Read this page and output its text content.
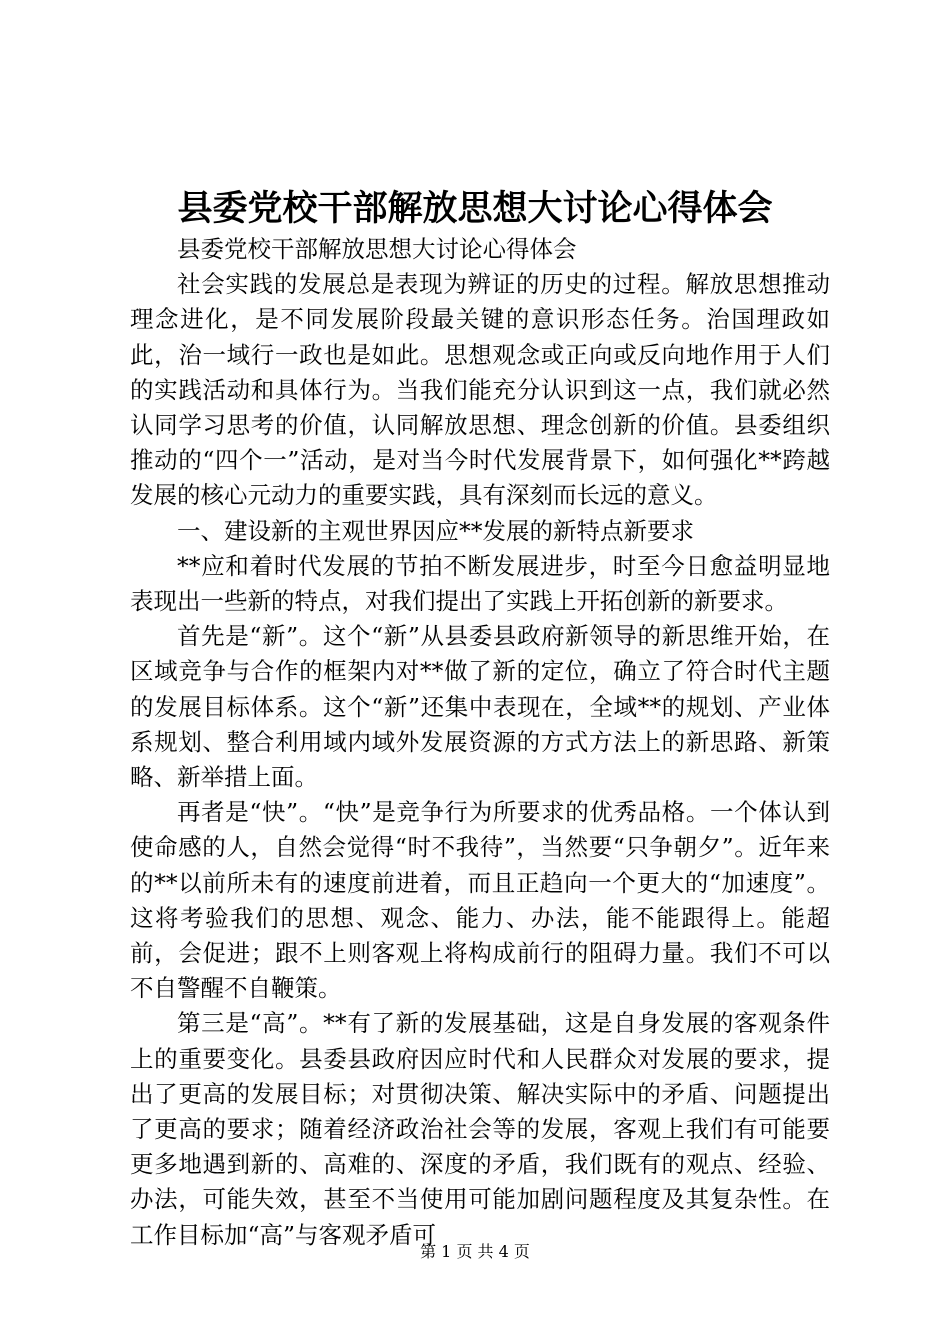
县委党校干部解放思想大讨论心得体会

县委党校干部解放思想大讨论心得体会

社会实践的发展总是表现为辨证的历史的过程。解放思想推动理念进化，是不同发展阶段最关键的意识形态任务。治国理政如此，治一域行一政也是如此。思想观念或正向或反向地作用于人们的实践活动和具体行为。当我们能充分认识到这一点，我们就必然认同学习思考的价值，认同解放思想、理念创新的价值。县委组织推动的“四个一”活动，是对当今时代发展背景下，如何强化**跨越发展的核心元动力的重要实践，具有深刻而长远的意义。

一、建设新的主观世界因应**发展的新特点新要求

**应和着时代发展的节拍不断发展进步，时至今日愈益明显地表现出一些新的特点，对我们提出了实践上开拓创新的新要求。

首先是“新”。这个“新”从县委县政府新领导的新思维开始，在区域竞争与合作的框架内对**做了新的定位，确立了符合时代主题的发展目标体系。这个“新”还集中表现在，全域**的规划、产业体系规划、整合利用域内域外发展资源的方式方法上的新思路、新策略、新举措上面。

再者是“快”。“快”是竞争行为所要求的优秀品格。一个体认到使命感的人，自然会觉得“时不我待”，当然要“只争朝夕”。近年来的**以前所未有的速度前进着，而且正趋向一个更大的“加速度”。这将考验我们的思想、观念、能力、办法，能不能跟得上。能超前，会促进；跟不上则客观上将构成前行的阻碍力量。我们不可以不自警醒不自鞭策。

第三是“高”。**有了新的发展基础，这是自身发展的客观条件上的重要变化。县委县政府因应时代和人民群众对发展的要求，提出了更高的发展目标；对贯彻决策、解决实际中的矛盾、问题提出了更高的要求；随着经济政治社会等的发展，客观上我们有可能要更多地遇到新的、高难的、深度的矛盾，我们既有的观点、经验、办法，可能失效，甚至不当使用可能加剧问题程度及其复杂性。在工作目标加“高”与客观矛盾可

第 1 页 共 4 页
